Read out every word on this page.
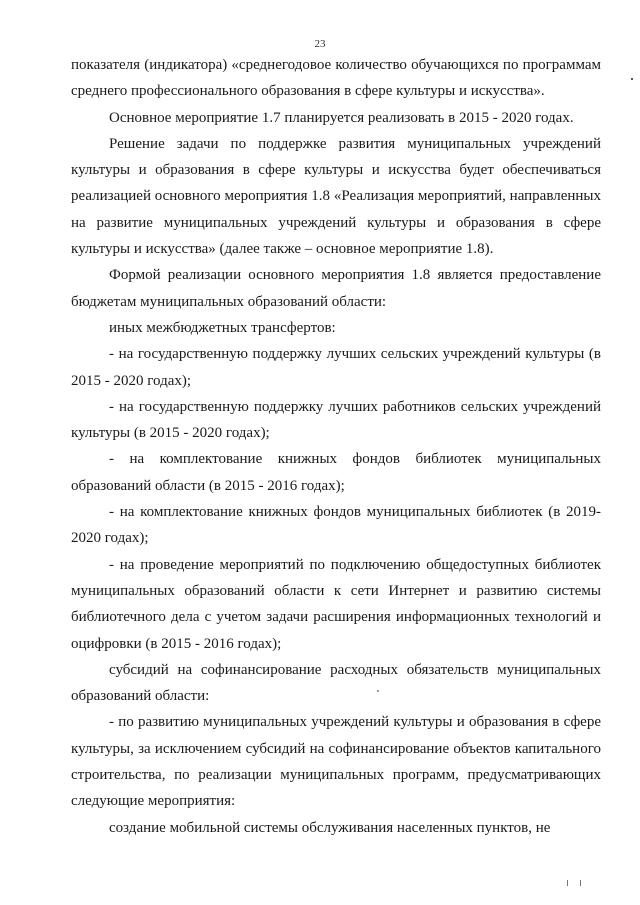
23

показателя (индикатора) «среднегодовое количество обучающихся по программам среднего профессионального образования в сфере культуры и искусства».

Основное мероприятие 1.7 планируется реализовать в 2015 - 2020 годах.

Решение задачи по поддержке развития муниципальных учреждений культуры и образования в сфере культуры и искусства будет обеспечиваться реализацией основного мероприятия 1.8 «Реализация мероприятий, направленных на развитие муниципальных учреждений культуры и образования в сфере культуры и искусства» (далее также – основное мероприятие 1.8).

Формой реализации основного мероприятия 1.8 является предоставление бюджетам муниципальных образований области:

иных межбюджетных трансфертов:

- на государственную поддержку лучших сельских учреждений культуры (в 2015 - 2020 годах);

- на государственную поддержку лучших работников сельских учреждений культуры (в 2015 - 2020 годах);

- на комплектование книжных фондов библиотек муниципальных образований области (в 2015 - 2016 годах);

- на комплектование книжных фондов муниципальных библиотек (в 2019-2020 годах);

- на проведение мероприятий по подключению общедоступных библиотек муниципальных образований области к сети Интернет и развитию системы библиотечного дела с учетом задачи расширения информационных технологий и оцифровки (в 2015 - 2016 годах);

субсидий на софинансирование расходных обязательств муниципальных образований области:

- по развитию муниципальных учреждений культуры и образования в сфере культуры, за исключением субсидий на софинансирование объектов капитального строительства, по реализации муниципальных программ, предусматривающих следующие мероприятия:

создание мобильной системы обслуживания населенных пунктов, не
